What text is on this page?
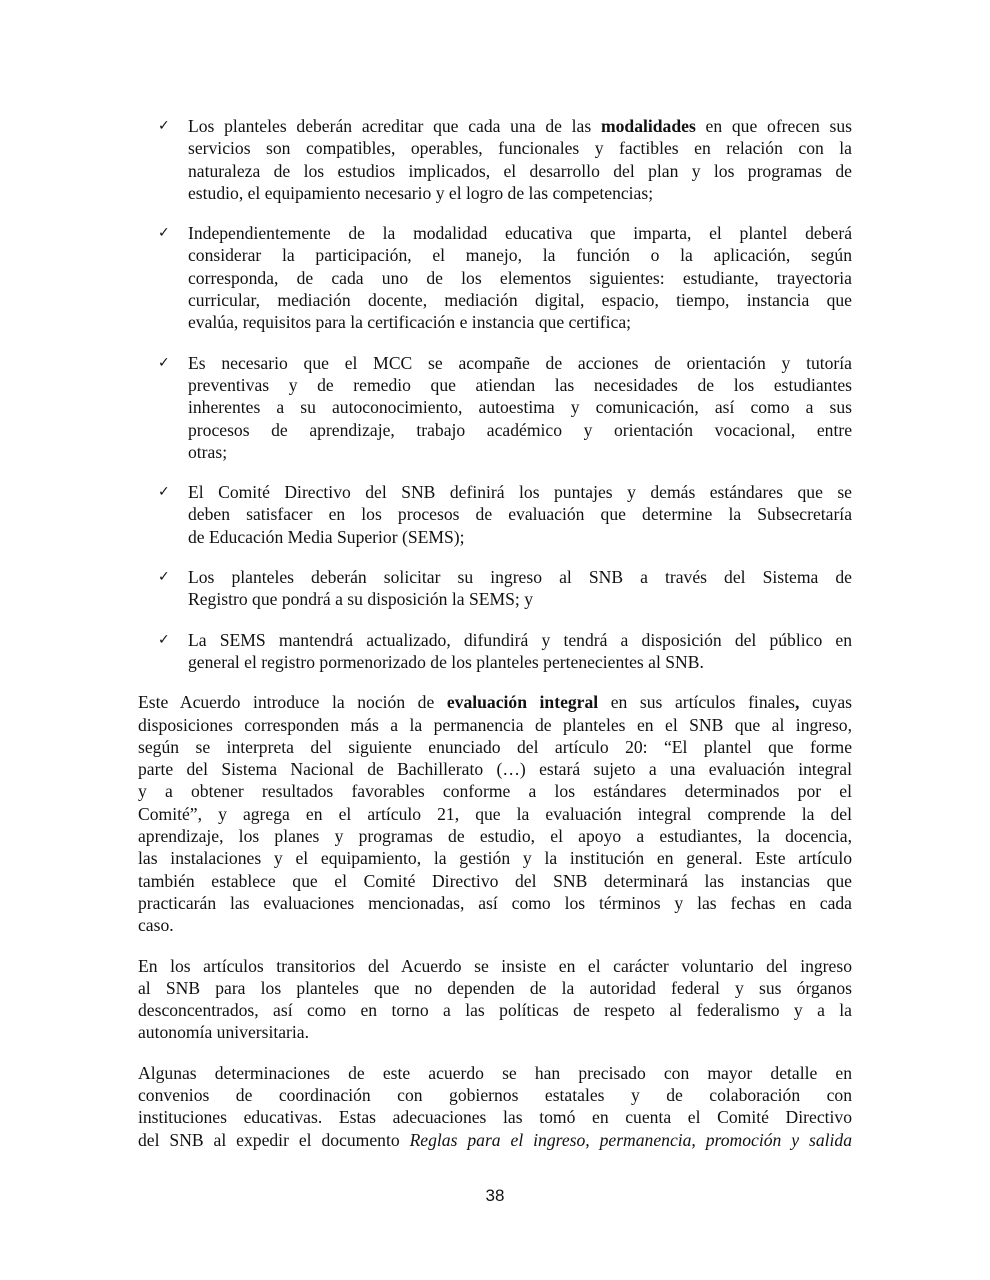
✓ Los planteles deberán acreditar que cada una de las modalidades en que ofrecen sus
servicios son compatibles, operables, funcionales y factibles en relación con la
naturaleza de los estudios implicados, el desarrollo del plan y los programas de
estudio, el equipamiento necesario y el logro de las competencias;
✓ Independientemente de la modalidad educativa que imparta, el plantel deberá
considerar la participación, el manejo, la función o la aplicación, según
corresponda, de cada uno de los elementos siguientes: estudiante, trayectoria
curricular, mediación docente, mediación digital, espacio, tiempo, instancia que
evalúa, requisitos para la certificación e instancia que certifica;
✓ Es necesario que el MCC se acompañe de acciones de orientación y tutoría
preventivas y de remedio que atiendan las necesidades de los estudiantes
inherentes a su autoconocimiento, autoestima y comunicación, así como a sus
procesos de aprendizaje, trabajo académico y orientación vocacional, entre
otras;
✓ El Comité Directivo del SNB definirá los puntajes y demás estándares que se
deben satisfacer en los procesos de evaluación que determine la Subsecretaría
de Educación Media Superior (SEMS);
✓ Los planteles deberán solicitar su ingreso al SNB a través del Sistema de
Registro que pondrá a su disposición la SEMS; y
✓ La SEMS mantendrá actualizado, difundirá y tendrá a disposición del público en
general el registro pormenorizado de los planteles pertenecientes al SNB.
Este Acuerdo introduce la noción de evaluación integral en sus artículos finales, cuyas
disposiciones corresponden más a la permanencia de planteles en el SNB que al ingreso,
según se interpreta del siguiente enunciado del artículo 20: “El plantel que forme
parte del Sistema Nacional de Bachillerato (…) estará sujeto a una evaluación integral
y a obtener resultados favorables conforme a los estándares determinados por el
Comité”, y agrega en el artículo 21, que la evaluación integral comprende la del
aprendizaje, los planes y programas de estudio, el apoyo a estudiantes, la docencia,
las instalaciones y el equipamiento, la gestión y la institución en general. Este artículo
también establece que el Comité Directivo del SNB determinará las instancias que
practicarán las evaluaciones mencionadas, así como los términos y las fechas en cada
caso.
En los artículos transitorios del Acuerdo se insiste en el carácter voluntario del ingreso
al SNB para los planteles que no dependen de la autoridad federal y sus órganos
desconcentrados, así como en torno a las políticas de respeto al federalismo y a la
autonomía universitaria.
Algunas determinaciones de este acuerdo se han precisado con mayor detalle en
convenios de coordinación con gobiernos estatales y de colaboración con
instituciones educativas. Estas adecuaciones las tomó en cuenta el Comité Directivo
del SNB al expedir el documento Reglas para el ingreso, permanencia, promoción y salida
38
